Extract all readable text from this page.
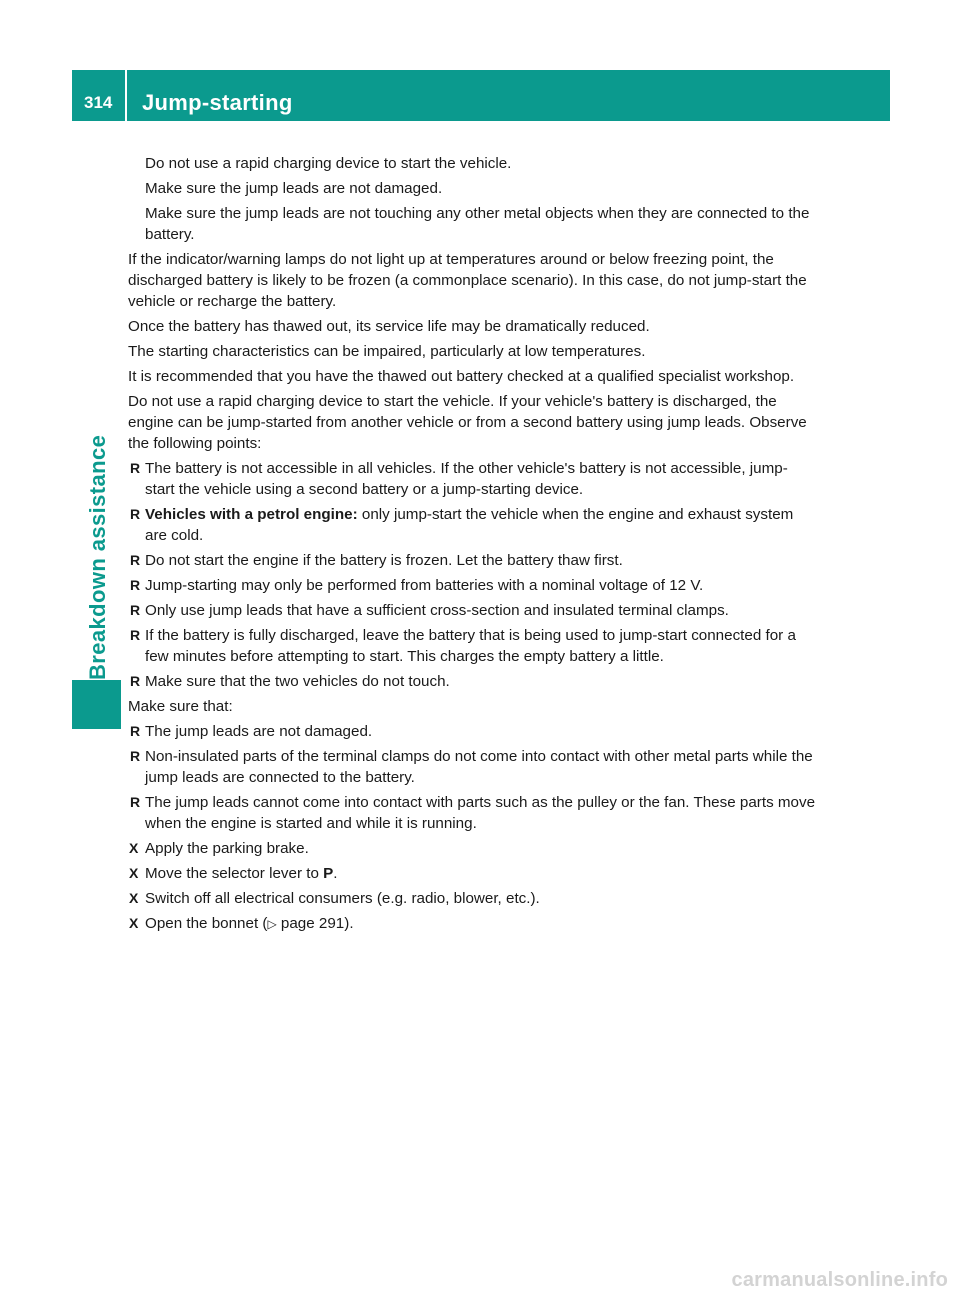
314 Jump-starting
Breakdown assistance

Do not use a rapid charging device to start the vehicle.

Make sure the jump leads are not damaged.

Make sure the jump leads are not touching any other metal objects when they are connected to the battery.

If the indicator/warning lamps do not light up at temperatures around or below freezing point, the discharged battery is likely to be frozen (a commonplace scenario). In this case, do not jump-start the vehicle or recharge the battery.

Once the battery has thawed out, its service life may be dramatically reduced.

The starting characteristics can be impaired, particularly at low temperatures.

It is recommended that you have the thawed out battery checked at a qualified specialist workshop.

Do not use a rapid charging device to start the vehicle. If your vehicle's battery is discharged, the engine can be jump-started from another vehicle or from a second battery using jump leads. Observe the following points:

R The battery is not accessible in all vehicles. If the other vehicle's battery is not accessible, jump-start the vehicle using a second battery or a jump-starting device.
R Vehicles with a petrol engine: only jump-start the vehicle when the engine and exhaust system are cold.
R Do not start the engine if the battery is frozen. Let the battery thaw first.
R Jump-starting may only be performed from batteries with a nominal voltage of 12 V.
R Only use jump leads that have a sufficient cross-section and insulated terminal clamps.
R If the battery is fully discharged, leave the battery that is being used to jump-start connected for a few minutes before attempting to start. This charges the empty battery a little.
R Make sure that the two vehicles do not touch.

Make sure that:

R The jump leads are not damaged.
R Non-insulated parts of the terminal clamps do not come into contact with other metal parts while the jump leads are connected to the battery.
R The jump leads cannot come into contact with parts such as the pulley or the fan. These parts move when the engine is started and while it is running.
X Apply the parking brake.
X Move the selector lever to P.
X Switch off all electrical consumers (e.g. radio, blower, etc.).
X Open the bonnet (▷ page 291).
carmanualsonline.info
